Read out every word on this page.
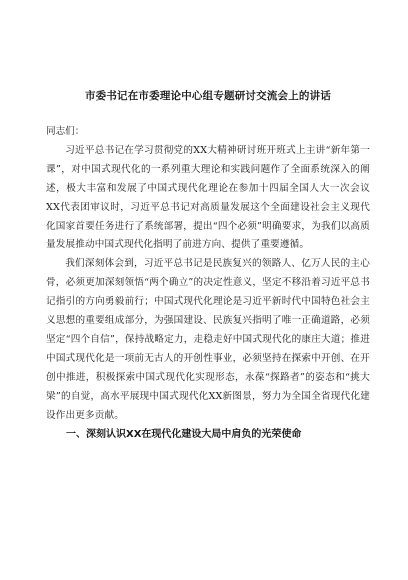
市委书记在市委理论中心组专题研讨交流会上的讲话

同志们：

习近平总书记在学习贯彻党的XX大精神研讨班开班式上主讲“新年第一课”，对中国式现代化的一系列重大理论和实践问题作了全面系统深入的阐述，极大丰富和发展了中国式现代化理论在参加十四届全国人大一次会议XX代表团审议时，习近平总书记对高质量发展这个全面建设社会主义现代化国家首要任务进行了系统部署，提出“四个必须”明确要求，为我们以高质量发展推动中国式现代化指明了前进方向、提供了重要遵循。

我们深刻体会到，习近平总书记是民族复兴的领路人、亿万人民的主心骨，必须更加深刻领悟“两个确立”的决定性意义，坚定不移沿着习近平总书记指引的方向勇毅前行；中国式现代化理论是习近平新时代中国特色社会主义思想的重要组成部分，为强国建设、民族复兴指明了唯一正确道路，必须坚定“四个自信”，保持战略定力，走稳走好中国式现代化的康庄大道；推进中国式现代化是一项前无古人的开创性事业，必须坚持在探索中开创、在开创中推进，积极探索中国式现代化实现形态，永葆“探路者”的姿态和“挑大梁”的自觉，高水平展现中国式现代化XX新图景，努力为全国全省现代化建设作出更多贡献。

一、深刻认识XX在现代化建设大局中肩负的光荣使命
